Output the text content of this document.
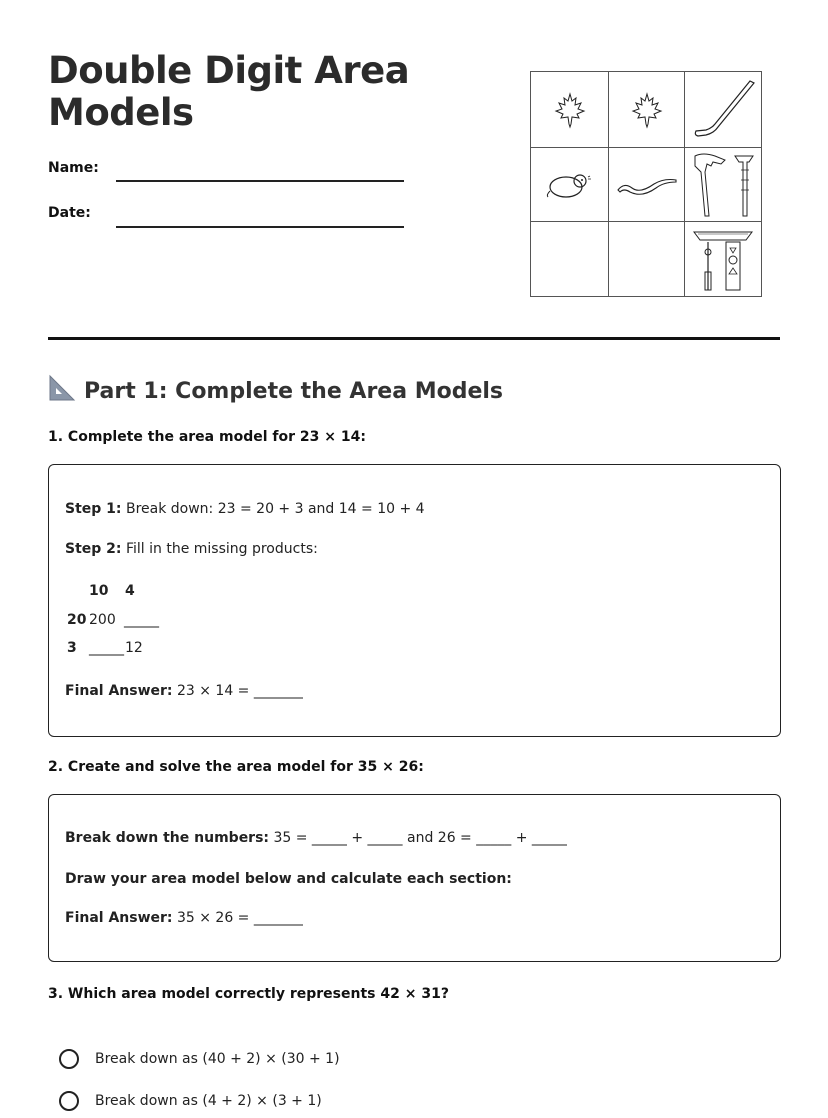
Double Digit Area Models
Name:
Date:
Part 1: Complete the Area Models
1. Complete the area model for 23 × 14:
Step 1: Break down: 23 = 20 + 3 and 14 = 10 + 4
Step 2: Fill in the missing products:
10 4
20 200 _____
3 _____ 12
Final Answer: 23 × 14 = _______
2. Create and solve the area model for 35 × 26:
Break down the numbers: 35 = _____ + _____ and 26 = _____ + _____
Draw your area model below and calculate each section:
Final Answer: 35 × 26 = _______
3. Which area model correctly represents 42 × 31?
Break down as (40 + 2) × (30 + 1)
Break down as (4 + 2) × (3 + 1)
